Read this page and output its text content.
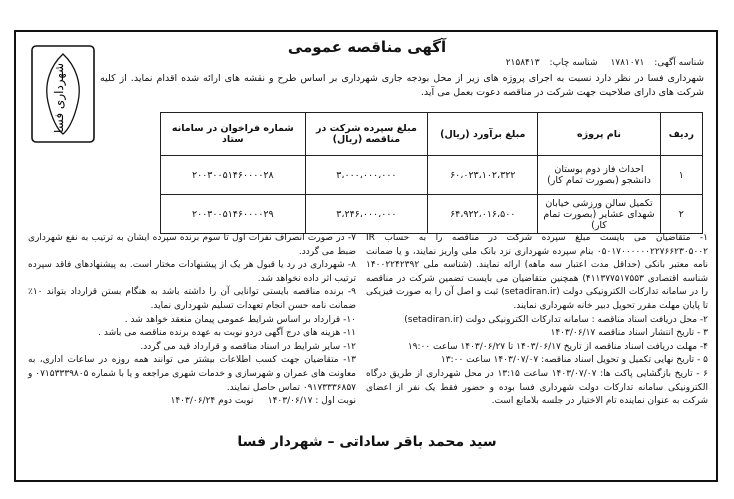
آگهی مناقصه عمومی
شهرداری فسا
شناسه آگهی:۱۷۸۱۰۷۱ شناسه چاپ:۲۱۵۸۴۱۳
شهرداری فسا در نظر دارد نسبت به اجرای پروژه های زیر از محل بودجه جاری شهرداری بر اساس طرح و نقشه های ارائه شده اقدام نماید. از کلیه شرکت های دارای صلاحیت جهت شرکت در مناقصه دعوت بعمل می آید.
ردیف	نام پروژه	مبلغ برآورد (ریال)	مبلغ سپرده شرکت در مناقصه (ریال)	شماره فراخوان در سامانه ستاد
۱	احداث فاز دوم بوستان دانشجو (بصورت تمام کار)	۶۰،۰۲۳،۱۰۲،۳۲۲	۳،۰۰۰،۰۰۰،۰۰۰	۲۰۰۳۰۰۵۱۴۶۰۰۰۰۲۸
۲	تکمیل سالن ورزشی خیابان شهدای عشایر (بصورت تمام کار)	۶۴،۹۲۲،۰۱۶،۵۰۰	۳،۲۴۶،۰۰۰،۰۰۰	۲۰۰۳۰۰۵۱۴۶۰۰۰۰۲۹

۱- متقاضیان می بایست مبلغ سپرده شرکت در مناقصه را به حساب IR ۰۵۰۱۷۰۰۰۰۰۰۲۲۷۶۶۲۳۰۵۰۰۲ بنام سپرده شهرداری نزد بانک ملی واریز نمایند، و یا ضمانت نامه معتبر بانکی (حداقل مدت اعتبار سه ماهه) ارائه نمایند. (شناسه ملی ۱۴۰۰۲۲۴۲۳۹۲ شناسه اقتصادی ۴۱۱۳۷۷۵۱۷۵۵۳) همچنین متقاضیان می بایست تضمین شرکت در مناقصه را در سامانه تدارکات الکترونیکی دولت (setadiran.ir) ثبت و اصل آن را به صورت فیزیکی تا پایان مهلت مقرر تحویل دبیر خانه شهرداری نمایند.

۲- محل دریافت اسناد مناقصه : سامانه تدارکات الکترونیکی دولت (setadiran.ir)

۳ - تاریخ انتشار اسناد مناقصه ۱۴۰۳/۰۶/۱۷

۴- مهلت دریافت اسناد مناقصه از تاریخ ۱۴۰۳/۰۶/۱۷ تا ۱۴۰۳/۰۶/۲۷ ساعت ۱۹:۰۰

۵ - تاریخ نهایی تکمیل و تحویل اسناد مناقصه: ۱۴۰۳/۰۷/۰۷ ساعت ۱۳:۰۰

۶ - تاریخ بازگشایی پاکت ها: ۱۴۰۳/۰۷/۰۷ ساعت ۱۳:۱۵ در محل شهرداری از طریق درگاه الکترونیکی سامانه تدارکات دولت شهرداری فسا بوده و حضور فقط یک نفر از اعضای شرکت به عنوان نماینده تام الاختیار در جلسه بلامانع است.

۷- در صورت انصراف نفرات اول تا سوم برنده سپرده ایشان به ترتیب به نفع شهرداری ضبط می گردد.

۸- شهرداری در رد یا قبول هر یک از پیشنهادات مختار است. به پیشنهادهای فاقد سپرده ترتیب اثر داده نخواهد شد.

۹- برنده مناقصه بایستی توانایی آن را داشته باشد به هنگام بستن قرارداد بتواند ۱۰٪ ضمانت نامه حسن انجام تعهدات تسلیم شهرداری نماید.

۱۰- قرارداد بر اساس شرایط عمومی پیمان منعقد خواهد شد .

۱۱- هزینه های درج آگهی دردو نوبت به عهده برنده مناقصه می باشد .

۱۲- سایر شرایط در اسناد مناقصه و قرارداد قید می گردد.

۱۳- متقاضیان جهت کسب اطلاعات بیشتر می توانند همه روزه در ساعات اداری، به معاونت های عمران و شهرسازی و خدمات شهری مراجعه و یا با شماره ۰۷۱۵۳۳۳۹۸۰۵ و ۰۹۱۷۳۳۳۶۸۵۷ تماس حاصل نمایند.

نوبت اول : ۱۴۰۳/۰۶/۱۷     نوبت دوم ۱۴۰۳/۰۶/۲۴

سید محمد باقر ساداتی – شهردار فسا
